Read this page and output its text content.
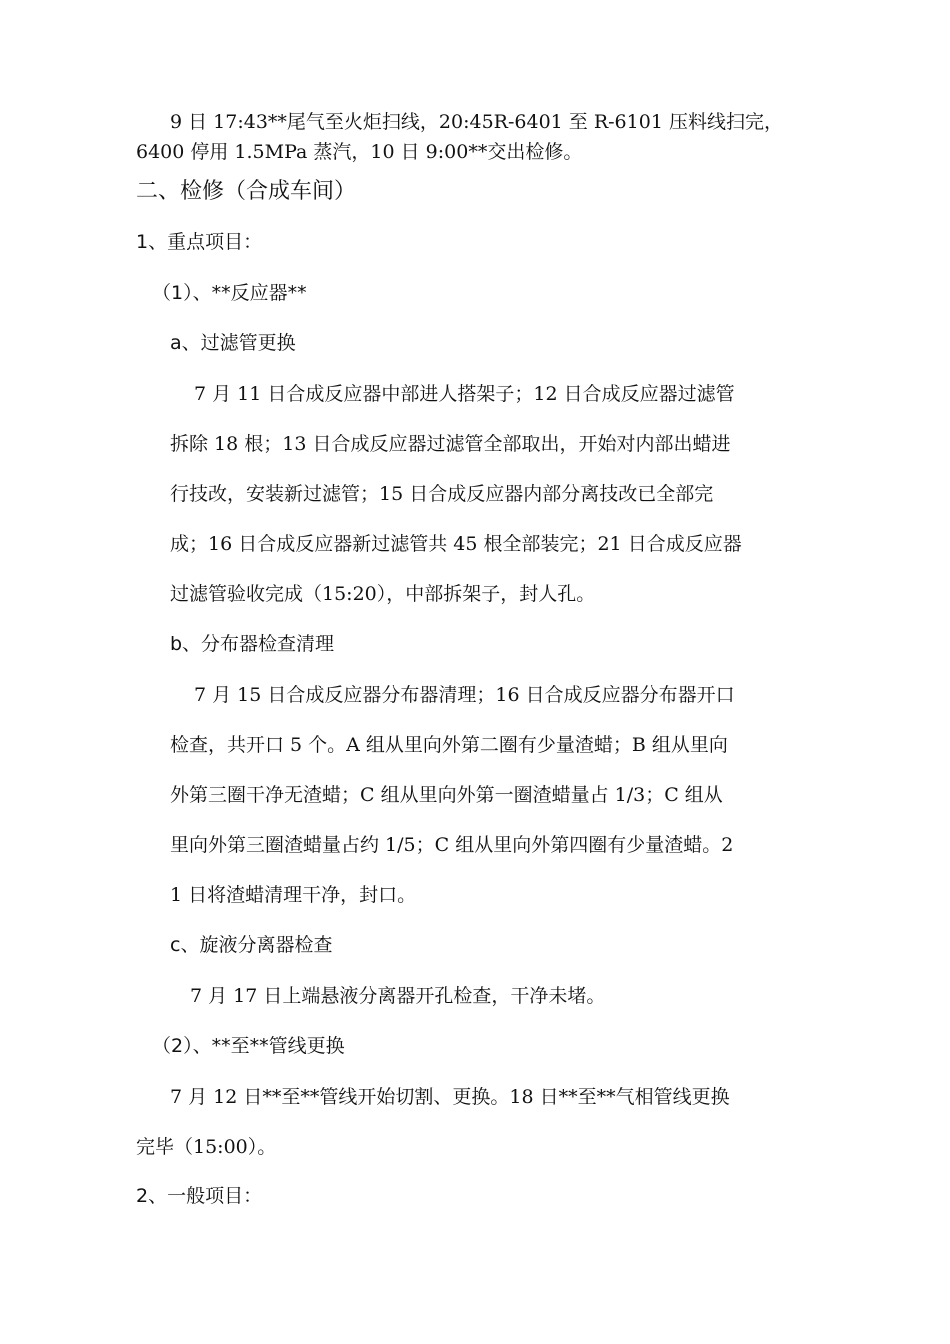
9 日 17:43**尾气至火炬扫线，20:45R-6401 至 R-6101 压料线扫完，

6400 停用 1.5MPa 蒸汽，10 日 9:00**交出检修。

二、检修（合成车间）

1、重点项目：

（1）、**反应器**

a、过滤管更换

7 月 11 日合成反应器中部进人搭架子；12 日合成反应器过滤管

拆除 18 根；13 日合成反应器过滤管全部取出，开始对内部出蜡进

行技改，安装新过滤管；15 日合成反应器内部分离技改已全部完

成；16 日合成反应器新过滤管共 45 根全部装完；21 日合成反应器

过滤管验收完成（15:20），中部拆架子，封人孔。

b、分布器检查清理

7 月 15 日合成反应器分布器清理；16 日合成反应器分布器开口

检查，共开口 5 个。A 组从里向外第二圈有少量渣蜡；B 组从里向

外第三圈干净无渣蜡；C 组从里向外第一圈渣蜡量占 1/3；C 组从

里向外第三圈渣蜡量占约 1/5；C 组从里向外第四圈有少量渣蜡。2

1 日将渣蜡清理干净，封口。

c、旋液分离器检查

7 月 17 日上端悬液分离器开孔检查，干净未堵。

（2）、**至**管线更换

7 月 12 日**至**管线开始切割、更换。18 日**至**气相管线更换

完毕（15:00）。

2、一般项目：
